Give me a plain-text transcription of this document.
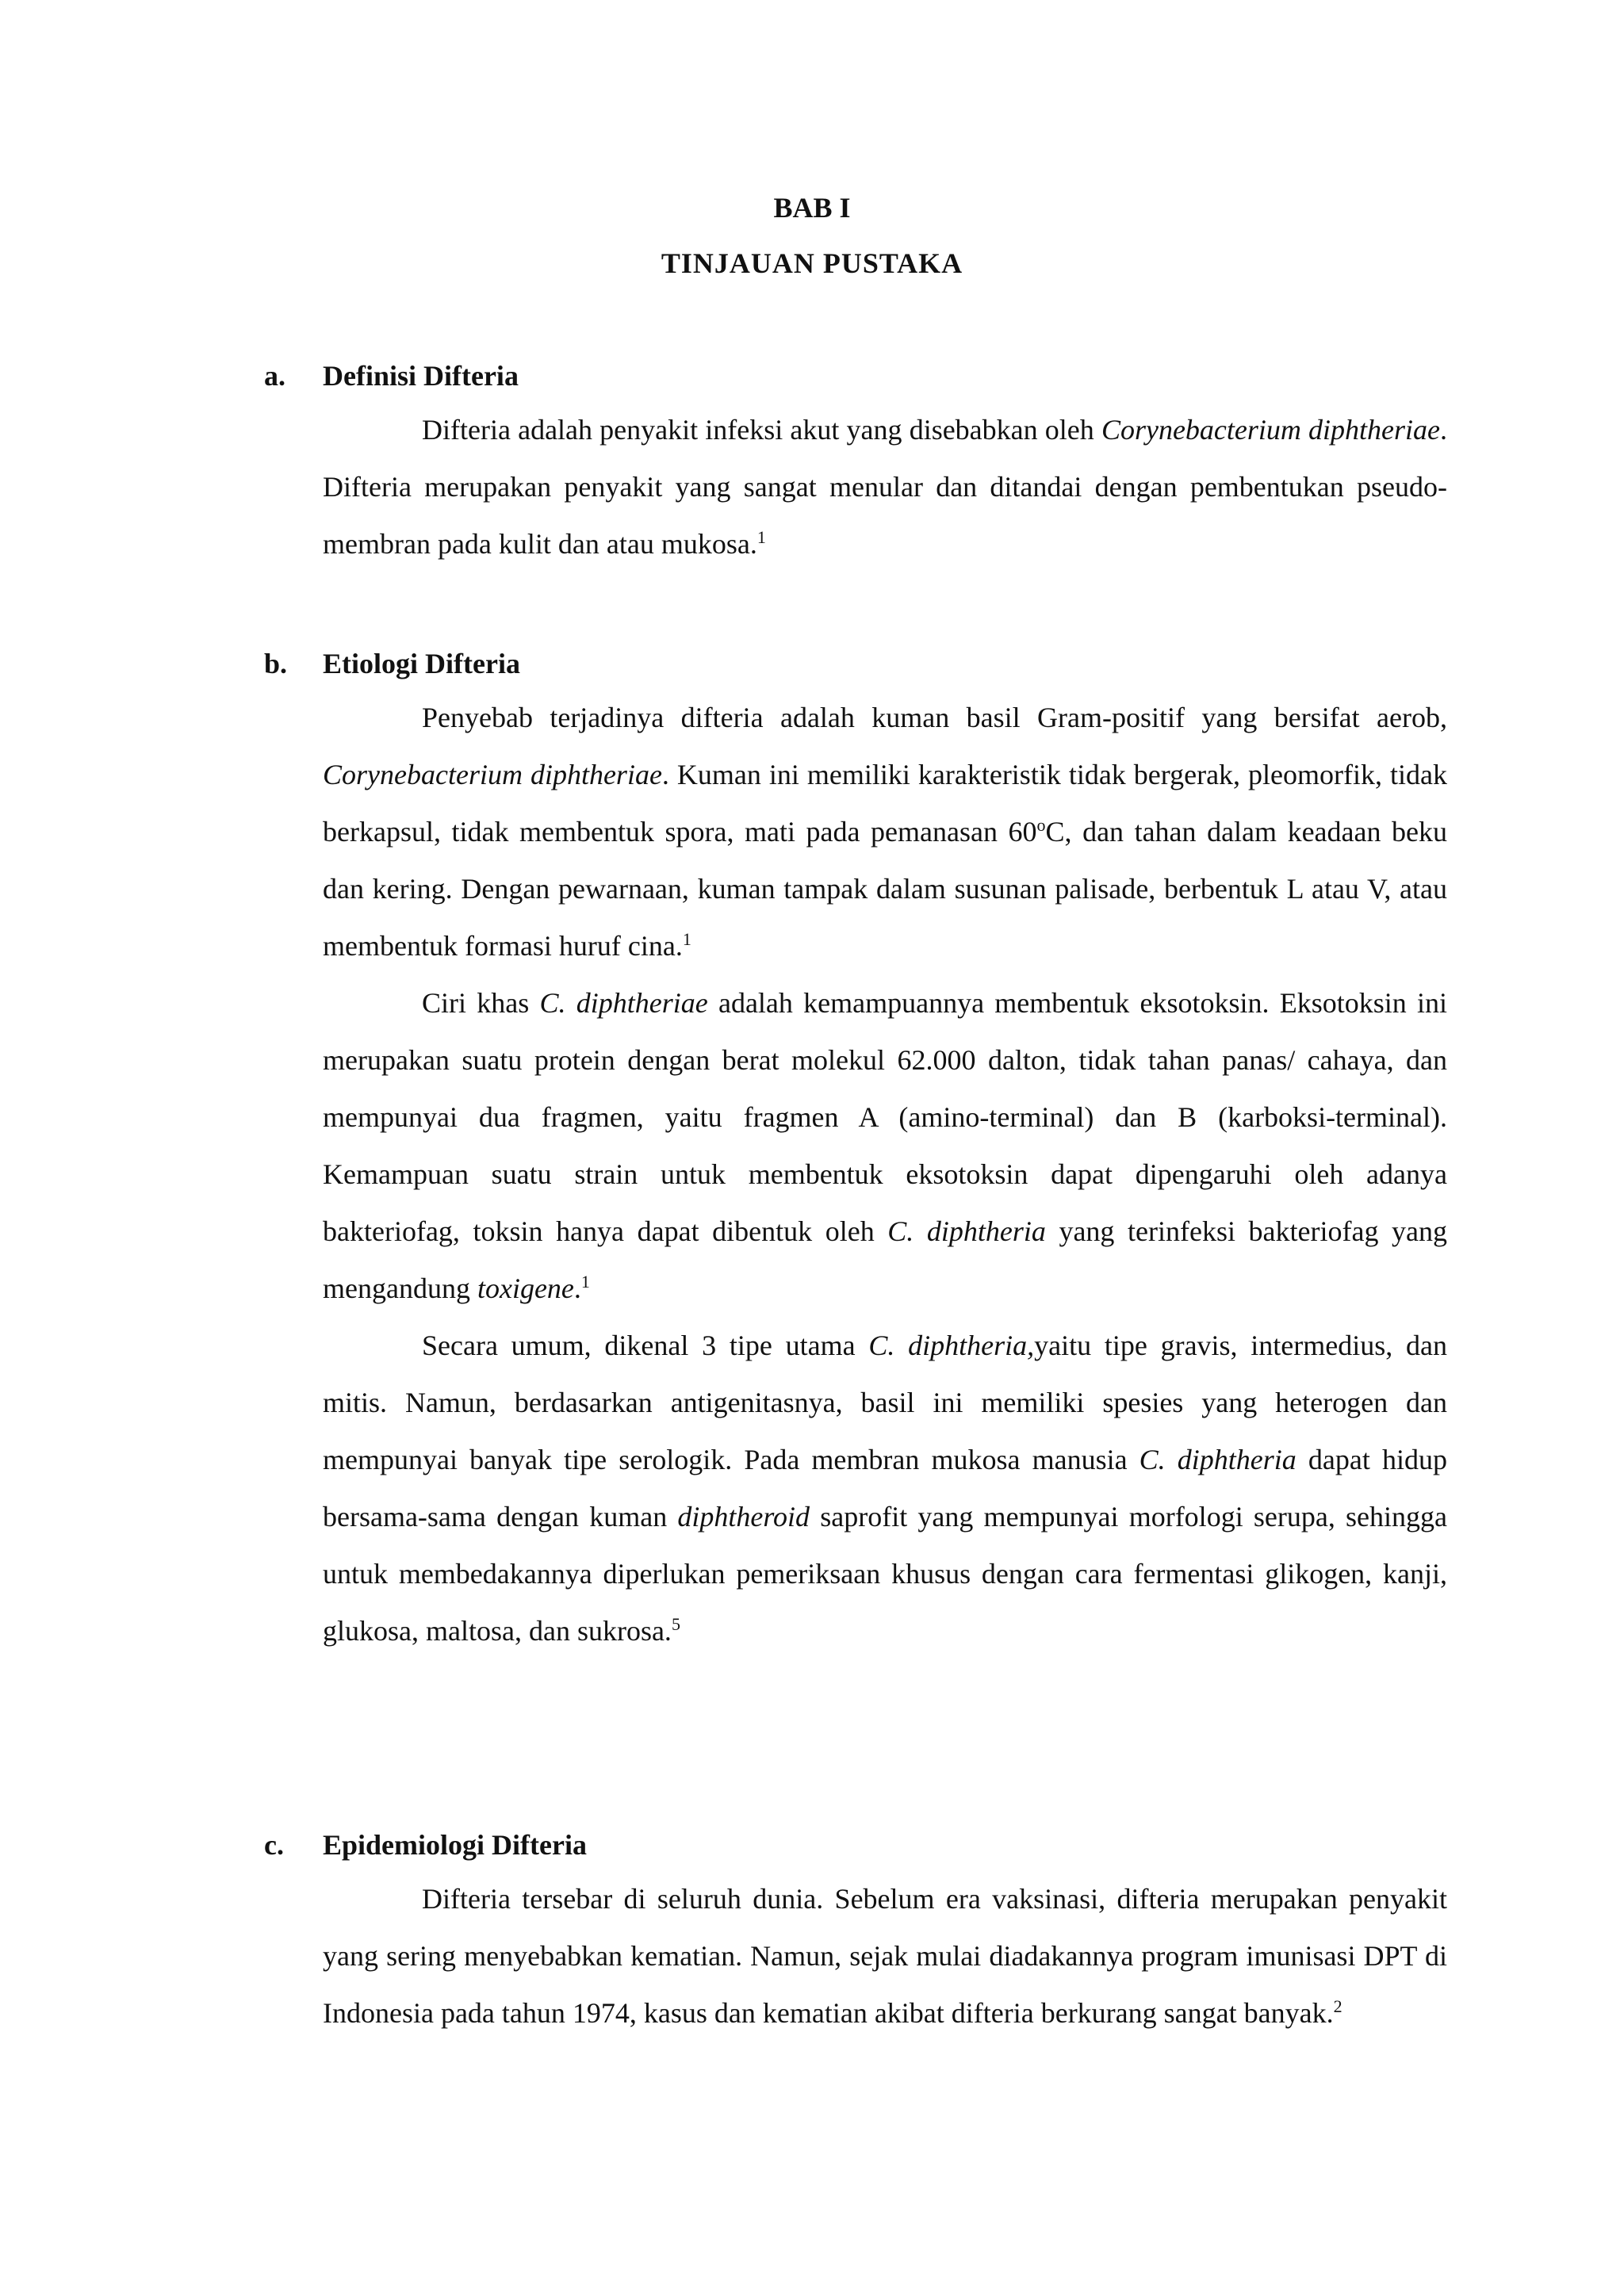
BAB I
TINJAUAN PUSTAKA
a.	Definisi Difteria

Difteria adalah penyakit infeksi akut yang disebabkan oleh Corynebacterium diphtheriae. Difteria merupakan penyakit yang sangat menular dan ditandai dengan pembentukan pseudo-membran pada kulit dan atau mukosa.$^1$

b.	Etiologi Difteria

Penyebab terjadinya difteria adalah kuman basil Gram-positif yang bersifat aerob, Corynebacterium diphtheriae. Kuman ini memiliki karakteristik tidak bergerak, pleomorfik, tidak berkapsul, tidak membentuk spora, mati pada pemanasan 60$^o$C, dan tahan dalam keadaan beku dan kering. Dengan pewarnaan, kuman tampak dalam susunan palisade, berbentuk L atau V, atau membentuk formasi huruf cina.$^1$

Ciri khas C. diphtheriae adalah kemampuannya membentuk eksotoksin. Eksotoksin ini merupakan suatu protein dengan berat molekul 62.000 dalton, tidak tahan panas/ cahaya, dan mempunyai dua fragmen, yaitu fragmen A (amino-terminal) dan B (karboksi-terminal). Kemampuan suatu strain untuk membentuk eksotoksin dapat dipengaruhi oleh adanya bakteriofag, toksin hanya dapat dibentuk oleh C. diphtheria yang terinfeksi bakteriofag yang mengandung toxigene.$^1$

Secara umum, dikenal 3 tipe utama C. diphtheria,yaitu tipe gravis, intermedius, dan mitis. Namun, berdasarkan antigenitasnya, basil ini memiliki spesies yang heterogen dan mempunyai banyak tipe serologik. Pada membran mukosa manusia C. diphtheria dapat hidup bersama-sama dengan kuman diphtheroid saprofit yang mempunyai morfologi serupa, sehingga untuk membedakannya diperlukan pemeriksaan khusus dengan cara fermentasi glikogen, kanji, glukosa, maltosa, dan sukrosa.$^5$

c.	Epidemiologi Difteria

Difteria tersebar di seluruh dunia. Sebelum era vaksinasi, difteria merupakan penyakit yang sering menyebabkan kematian. Namun, sejak mulai diadakannya program imunisasi DPT di Indonesia pada tahun 1974, kasus dan kematian akibat difteria berkurang sangat banyak.$^2$
